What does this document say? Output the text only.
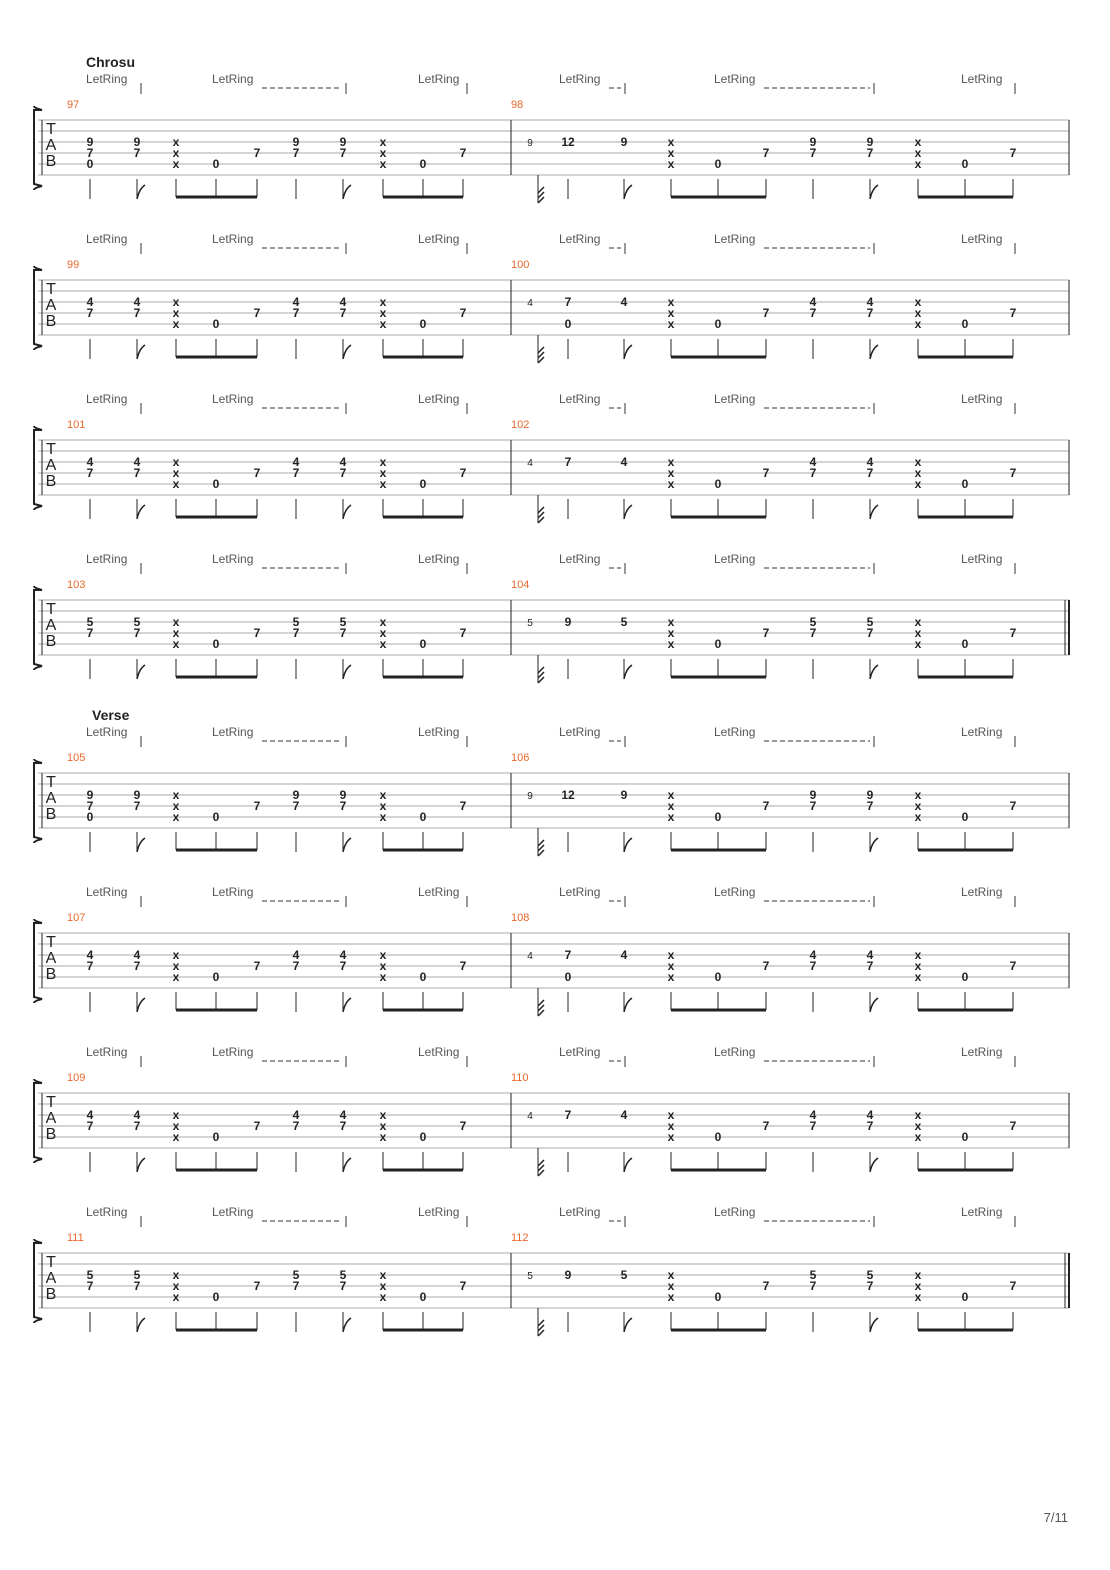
Chrosu
LetRing	LetRing	LetRing	LetRing	LetRing	LetRing
97	98
T
A
B
9
7
0
9
7
x
x
x	0
7
9
7
9
7
x
x
x	0
7
9 12	9	x
x
x	0
7
9
7
9
7
x
x
x	0
7
LetRing	LetRing	LetRing	LetRing	LetRing	LetRing
99	100
T
A
B
4
7
4
7
x
x
x	0
7
4
7
4
7
x
x
x	0
7
4	7
0
4	x
x
x	0
7
4
7
4
7
x
x
x	0
7
LetRing	LetRing	LetRing	LetRing	LetRing	LetRing
101	102
T
A
B
4
7
4
7
x
x
x	0
7
4
7
4
7
x
x
x	0
7
4	7	4	x
x
x	0
7
4
7
4
7
x
x
x	0
7
LetRing	LetRing	LetRing	LetRing	LetRing	LetRing
103	104
T
A
B
5
7
5
7
x
x
x	0
7
5
7
5
7
x
x
x	0
7
5	9	5	x
x
x	0
7
5
7
5
7
x
x
x	0
7
Verse
LetRing	LetRing	LetRing	LetRing	LetRing	LetRing
105	106
T
A
B
9
7
0
9
7
x
x
x	0
7
9
7
9
7
x
x
x	0
7
9 12	9	x
x
x	0
7
9
7
9
7
x
x
x	0
7
LetRing	LetRing	LetRing	LetRing	LetRing	LetRing
107	108
T
A
B
4
7
4
7
x
x
x	0
7
4
7
4
7
x
x
x	0
7
4	7
0
4	x
x
x	0
7
4
7
4
7
x
x
x	0
7
LetRing	LetRing	LetRing	LetRing	LetRing	LetRing
109	110
T
A
B
4
7
4
7
x
x
x	0
7
4
7
4
7
x
x
x	0
7
4	7	4	x
x
x	0
7
4
7
4
7
x
x
x	0
7
LetRing	LetRing	LetRing	LetRing	LetRing	LetRing
111	112
T
A
B
5
7
5
7
x
x
x	0
7
5
7
5
7
x
x
x	0
7
5	9	5	x
x
x	0
7
5
7
5
7
x
x
x	0
7
7/11
